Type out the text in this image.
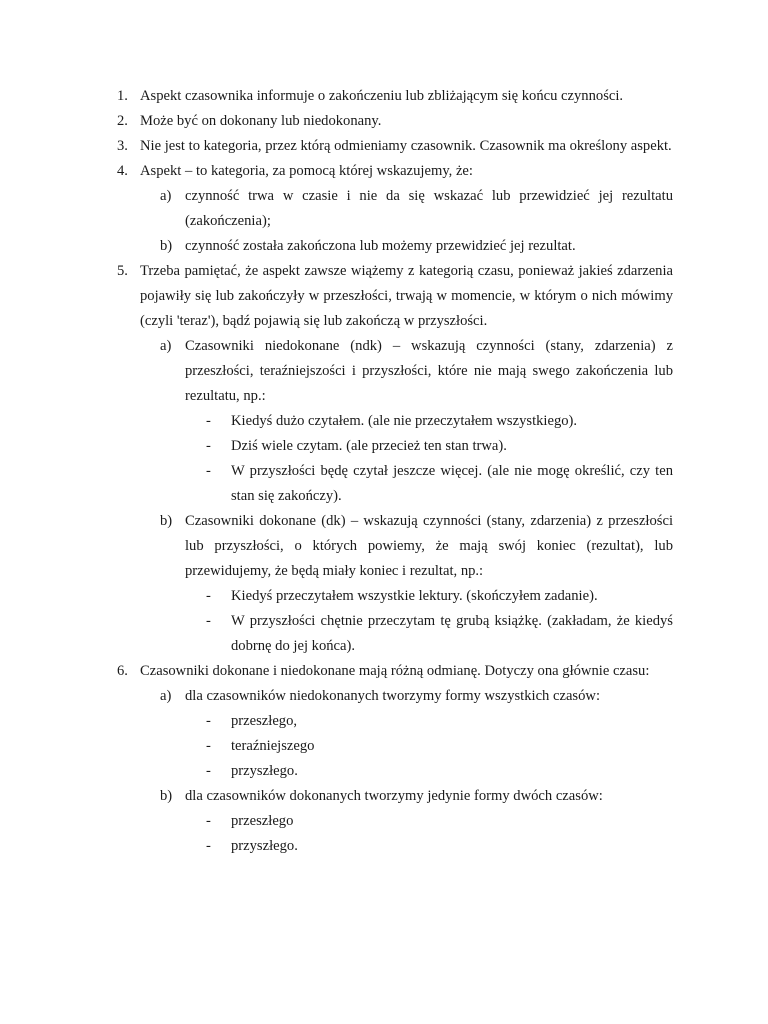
1. Aspekt czasownika informuje o zakończeniu lub zbliżającym się końcu czynności.
2. Może być on dokonany lub niedokonany.
3. Nie jest to kategoria, przez którą odmieniamy czasownik. Czasownik ma określony aspekt.
4. Aspekt – to kategoria, za pomocą której wskazujemy, że:
a) czynność trwa w czasie i nie da się wskazać lub przewidzieć jej rezultatu (zakończenia);
b) czynność została zakończona lub możemy przewidzieć jej rezultat.
5. Trzeba pamiętać, że aspekt zawsze wiążemy z kategorią czasu, ponieważ jakieś zdarzenia pojawiły się lub zakończyły w przeszłości, trwają w momencie, w którym o nich mówimy (czyli 'teraz'), bądź pojawią się lub zakończą w przyszłości.
a) Czasowniki niedokonane (ndk) – wskazują czynności (stany, zdarzenia) z przeszłości, teraźniejszości i przyszłości, które nie mają swego zakończenia lub rezultatu, np.:
-	Kiedyś dużo czytałem. (ale nie przeczytałem wszystkiego).
-	Dziś wiele czytam. (ale przecież ten stan trwa).
-	W przyszłości będę czytał jeszcze więcej. (ale nie mogę określić, czy ten stan się zakończy).
b) Czasowniki dokonane (dk) – wskazują czynności (stany, zdarzenia) z przeszłości lub przyszłości, o których powiemy, że mają swój koniec (rezultat), lub przewidujemy, że będą miały koniec i rezultat, np.:
-	Kiedyś przeczytałem wszystkie lektury. (skończyłem zadanie).
-	W przyszłości chętnie przeczytam tę grubą książkę. (zakładam, że kiedyś dobrnę do jej końca).
6. Czasowniki dokonane i niedokonane mają różną odmianę. Dotyczy ona głównie czasu:
a) dla czasowników niedokonanych tworzymy formy wszystkich czasów:
-	przeszłego,
-	teraźniejszego
-	przyszłego.
b) dla czasowników dokonanych tworzymy jedynie formy dwóch czasów:
-	przeszłego
-	przyszłego.
